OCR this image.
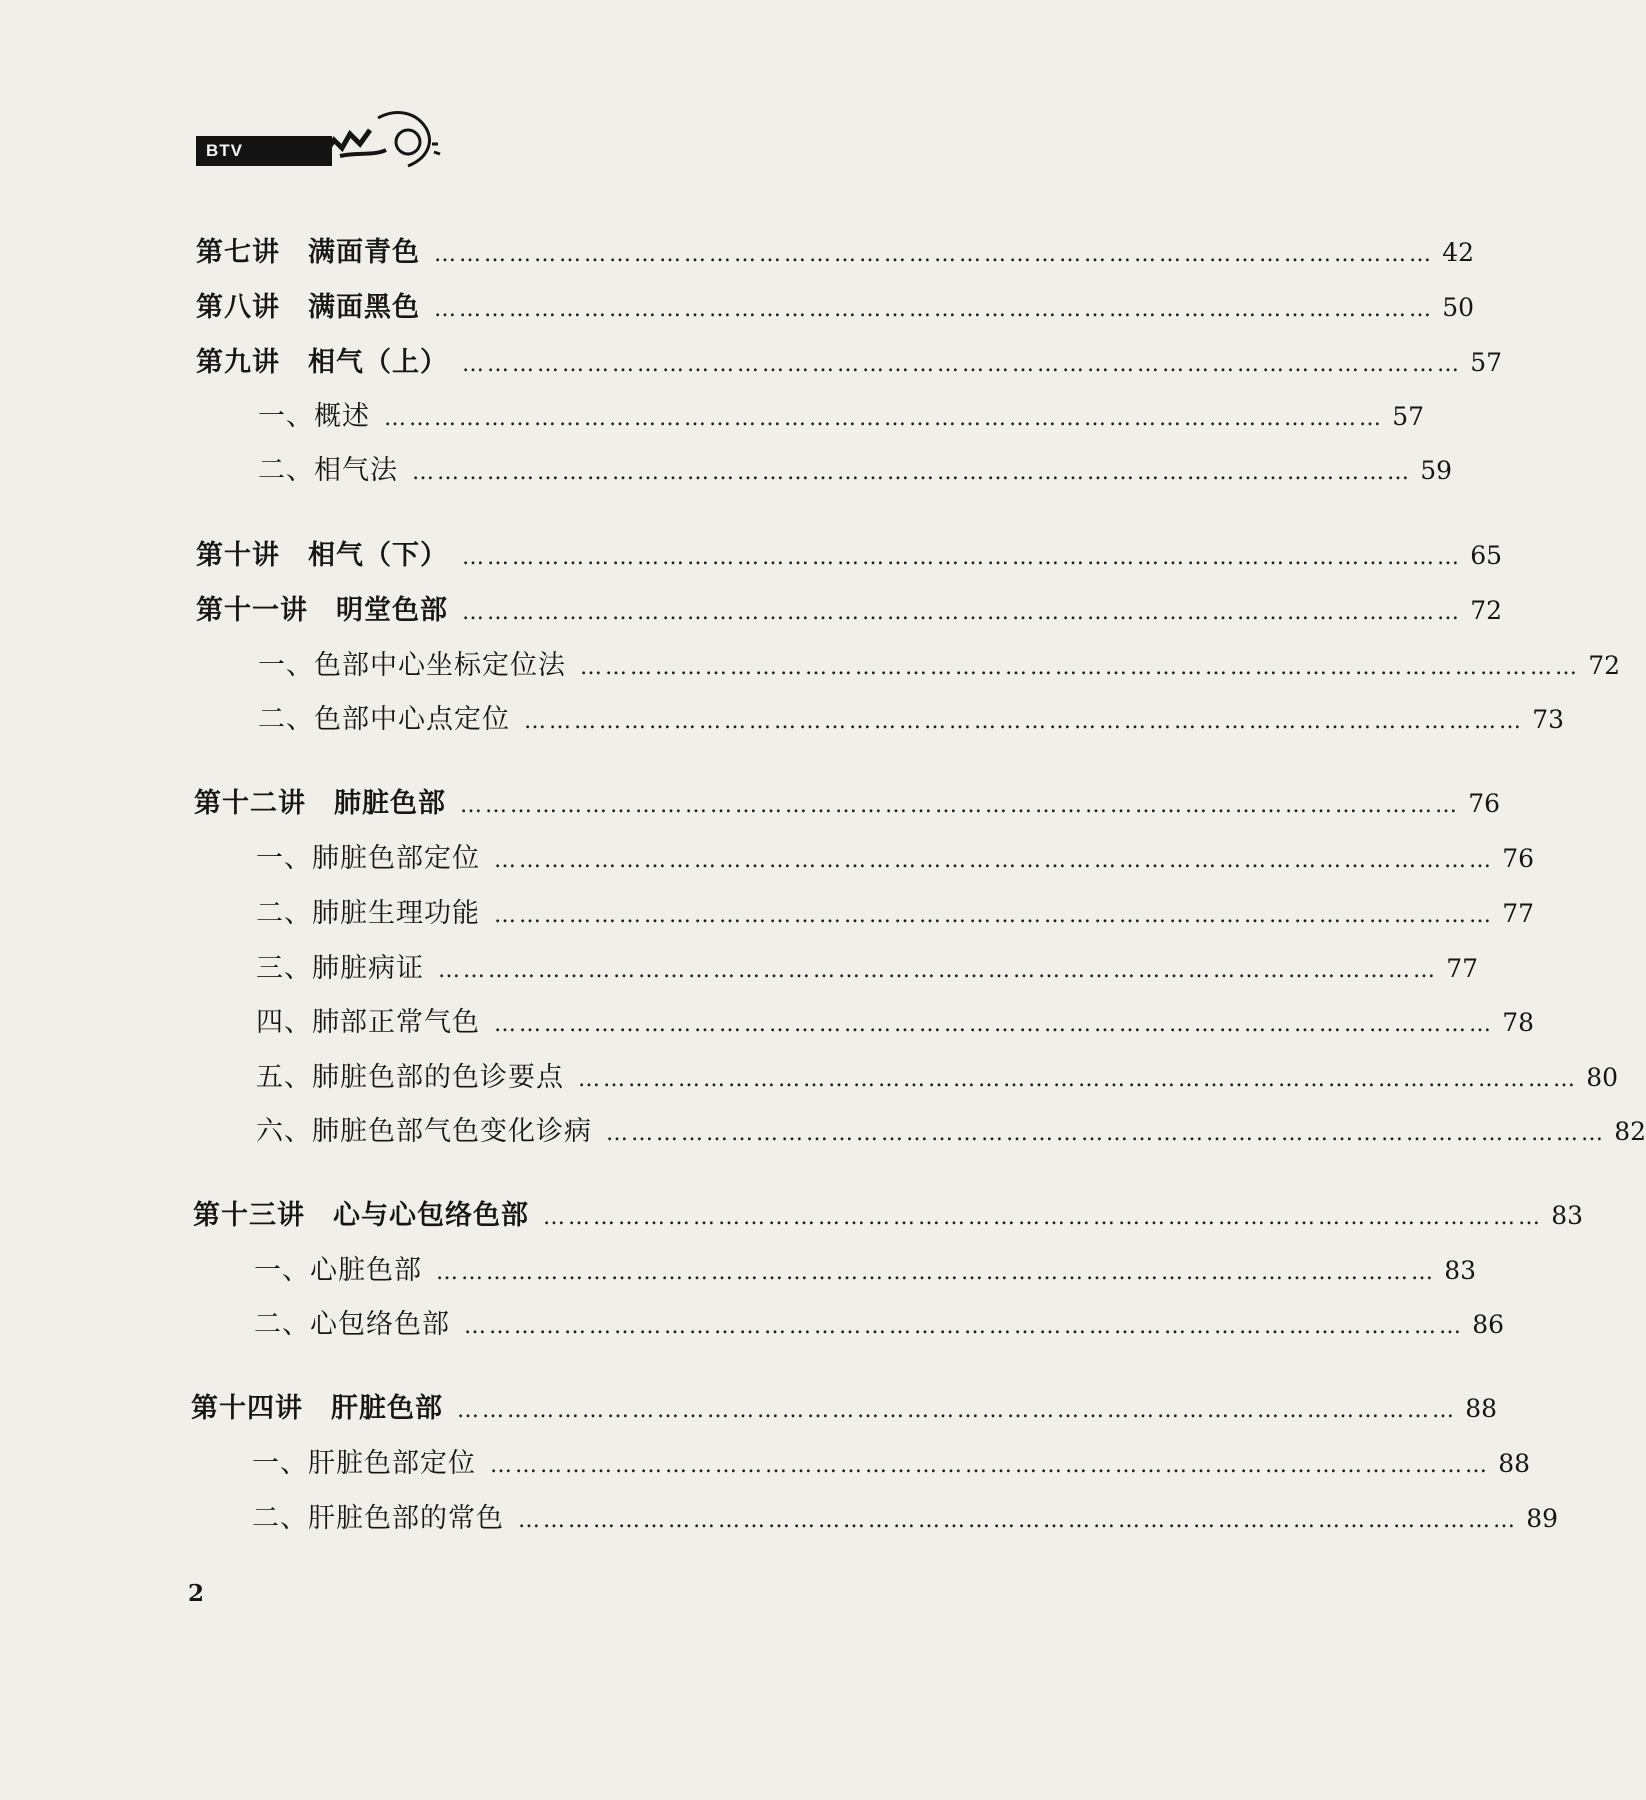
BTV
第七讲　满面青色 ………………………………………………………………………………………………………… 42
第八讲　满面黑色 ………………………………………………………………………………………………………… 50
第九讲　相气（上） ………………………………………………………………………………………………………… 57
一、概述 ………………………………………………………………………………………………………… 57
二、相气法 ………………………………………………………………………………………………………… 59
第十讲　相气（下） ………………………………………………………………………………………………………… 65
第十一讲　明堂色部 ………………………………………………………………………………………………………… 72
一、色部中心坐标定位法 ………………………………………………………………………………………………………… 72
二、色部中心点定位 ………………………………………………………………………………………………………… 73
第十二讲　肺脏色部 ………………………………………………………………………………………………………… 76
一、肺脏色部定位 ………………………………………………………………………………………………………… 76
二、肺脏生理功能 ………………………………………………………………………………………………………… 77
三、肺脏病证 ………………………………………………………………………………………………………… 77
四、肺部正常气色 ………………………………………………………………………………………………………… 78
五、肺脏色部的色诊要点 ………………………………………………………………………………………………………… 80
六、肺脏色部气色变化诊病 ………………………………………………………………………………………………………… 82
第十三讲　心与心包络色部 ………………………………………………………………………………………………………… 83
一、心脏色部 ………………………………………………………………………………………………………… 83
二、心包络色部 ………………………………………………………………………………………………………… 86
第十四讲　肝脏色部 ………………………………………………………………………………………………………… 88
一、肝脏色部定位 ………………………………………………………………………………………………………… 88
二、肝脏色部的常色 ………………………………………………………………………………………………………… 89
2
